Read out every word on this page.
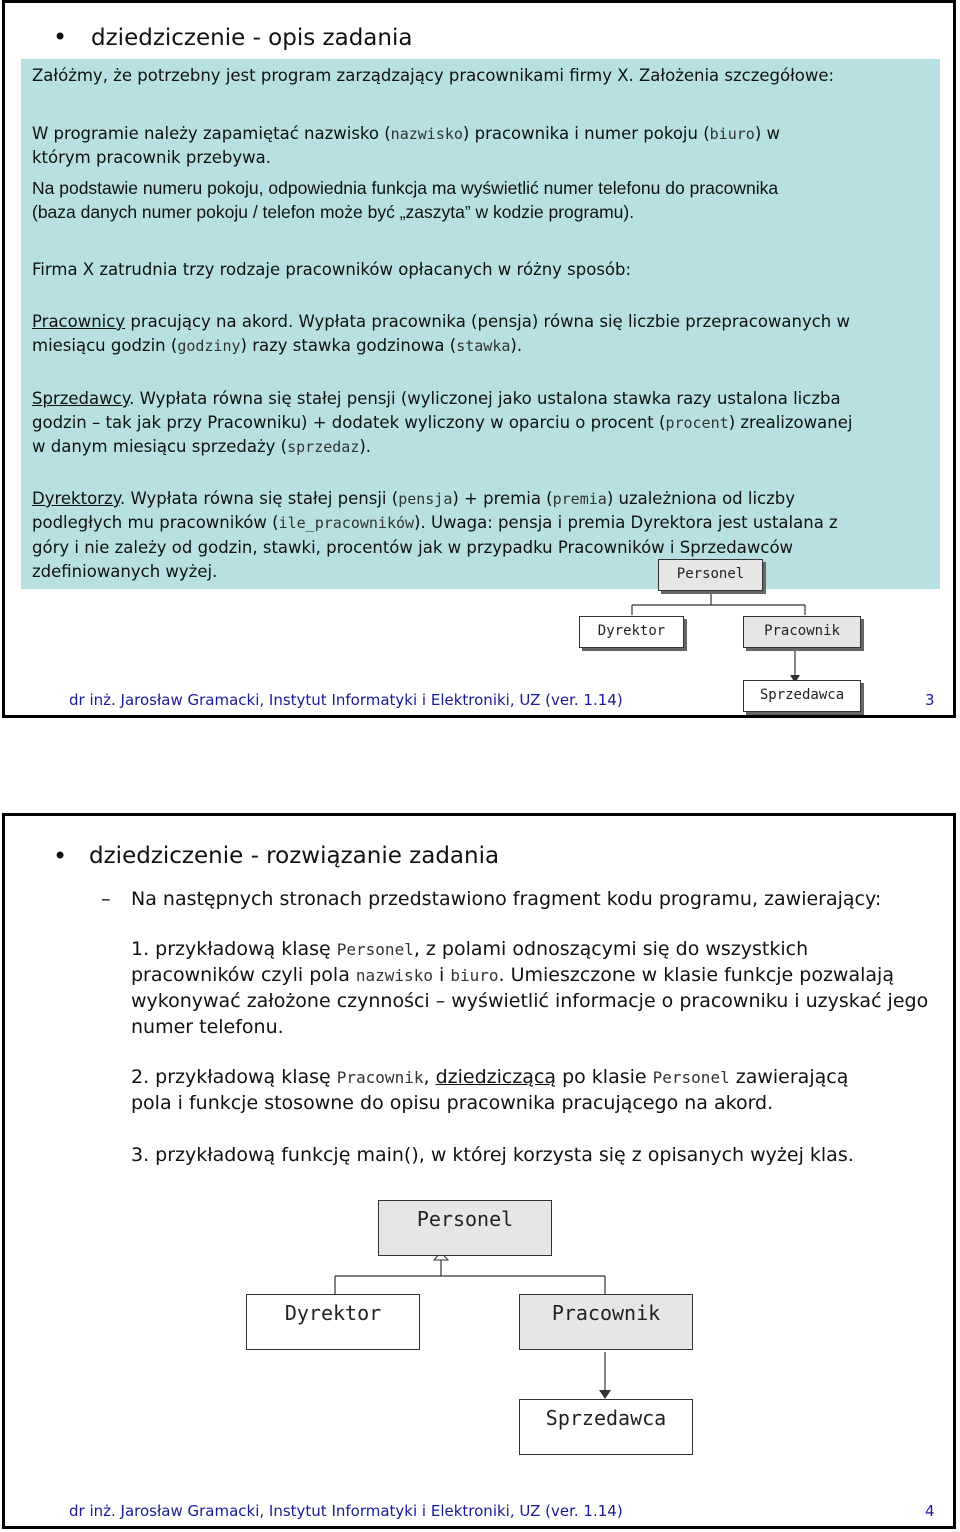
• dziedziczenie - opis zadania
Załóżmy, że potrzebny jest program zarządzający pracownikami firmy X. Założenia szczegółowe:
W programie należy zapamiętać nazwisko (nazwisko) pracownika i numer pokoju (biuro) w
którym pracownik przebywa.
Na podstawie numeru pokoju, odpowiednia funkcja ma wyświetlić numer telefonu do pracownika
(baza danych numer pokoju / telefon może być „zaszyta” w kodzie programu).
Firma X zatrudnia trzy rodzaje pracowników opłacanych w różny sposób:
Pracownicy pracujący na akord. Wypłata pracownika (pensja) równa się liczbie przepracowanych w
miesiącu godzin (godziny) razy stawka godzinowa (stawka).
Sprzedawcy. Wypłata równa się stałej pensji (wyliczonej jako ustalona stawka razy ustalona liczba
godzin – tak jak przy Pracowniku) + dodatek wyliczony w oparciu o procent (procent) zrealizowanej
w danym miesiącu sprzedaży (sprzedaz).
Dyrektorzy. Wypłata równa się stałej pensji (pensja) + premia (premia) uzależniona od liczby
podległych mu pracowników (ile_pracowników). Uwaga: pensja i premia Dyrektora jest ustalana z
góry i nie zależy od godzin, stawki, procentów jak w przypadku Pracowników i Sprzedawców
zdefiniowanych wyżej.	Personel
Dyrektor	Pracownik
Sprzedawca
dr inż. Jarosław Gramacki, Instytut Informatyki i Elektroniki, UZ (ver. 1.14)	3
• dziedziczenie - rozwiązanie zadania
– Na następnych stronach przedstawiono fragment kodu programu, zawierający:
1. przykładową klasę Personel, z polami odnoszącymi się do wszystkich
pracowników czyli pola nazwisko i biuro. Umieszczone w klasie funkcje pozwalają
wykonywać założone czynności – wyświetlić informacje o pracowniku i uzyskać jego
numer telefonu.
2. przykładową klasę Pracownik, dziedziczącą po klasie Personel zawierającą
pola i funkcje stosowne do opisu pracownika pracującego na akord.
3. przykładową funkcję main(), w której korzysta się z opisanych wyżej klas.
Personel
Dyrektor	Pracownik
Sprzedawca
dr inż. Jarosław Gramacki, Instytut Informatyki i Elektroniki, UZ (ver. 1.14)	4
